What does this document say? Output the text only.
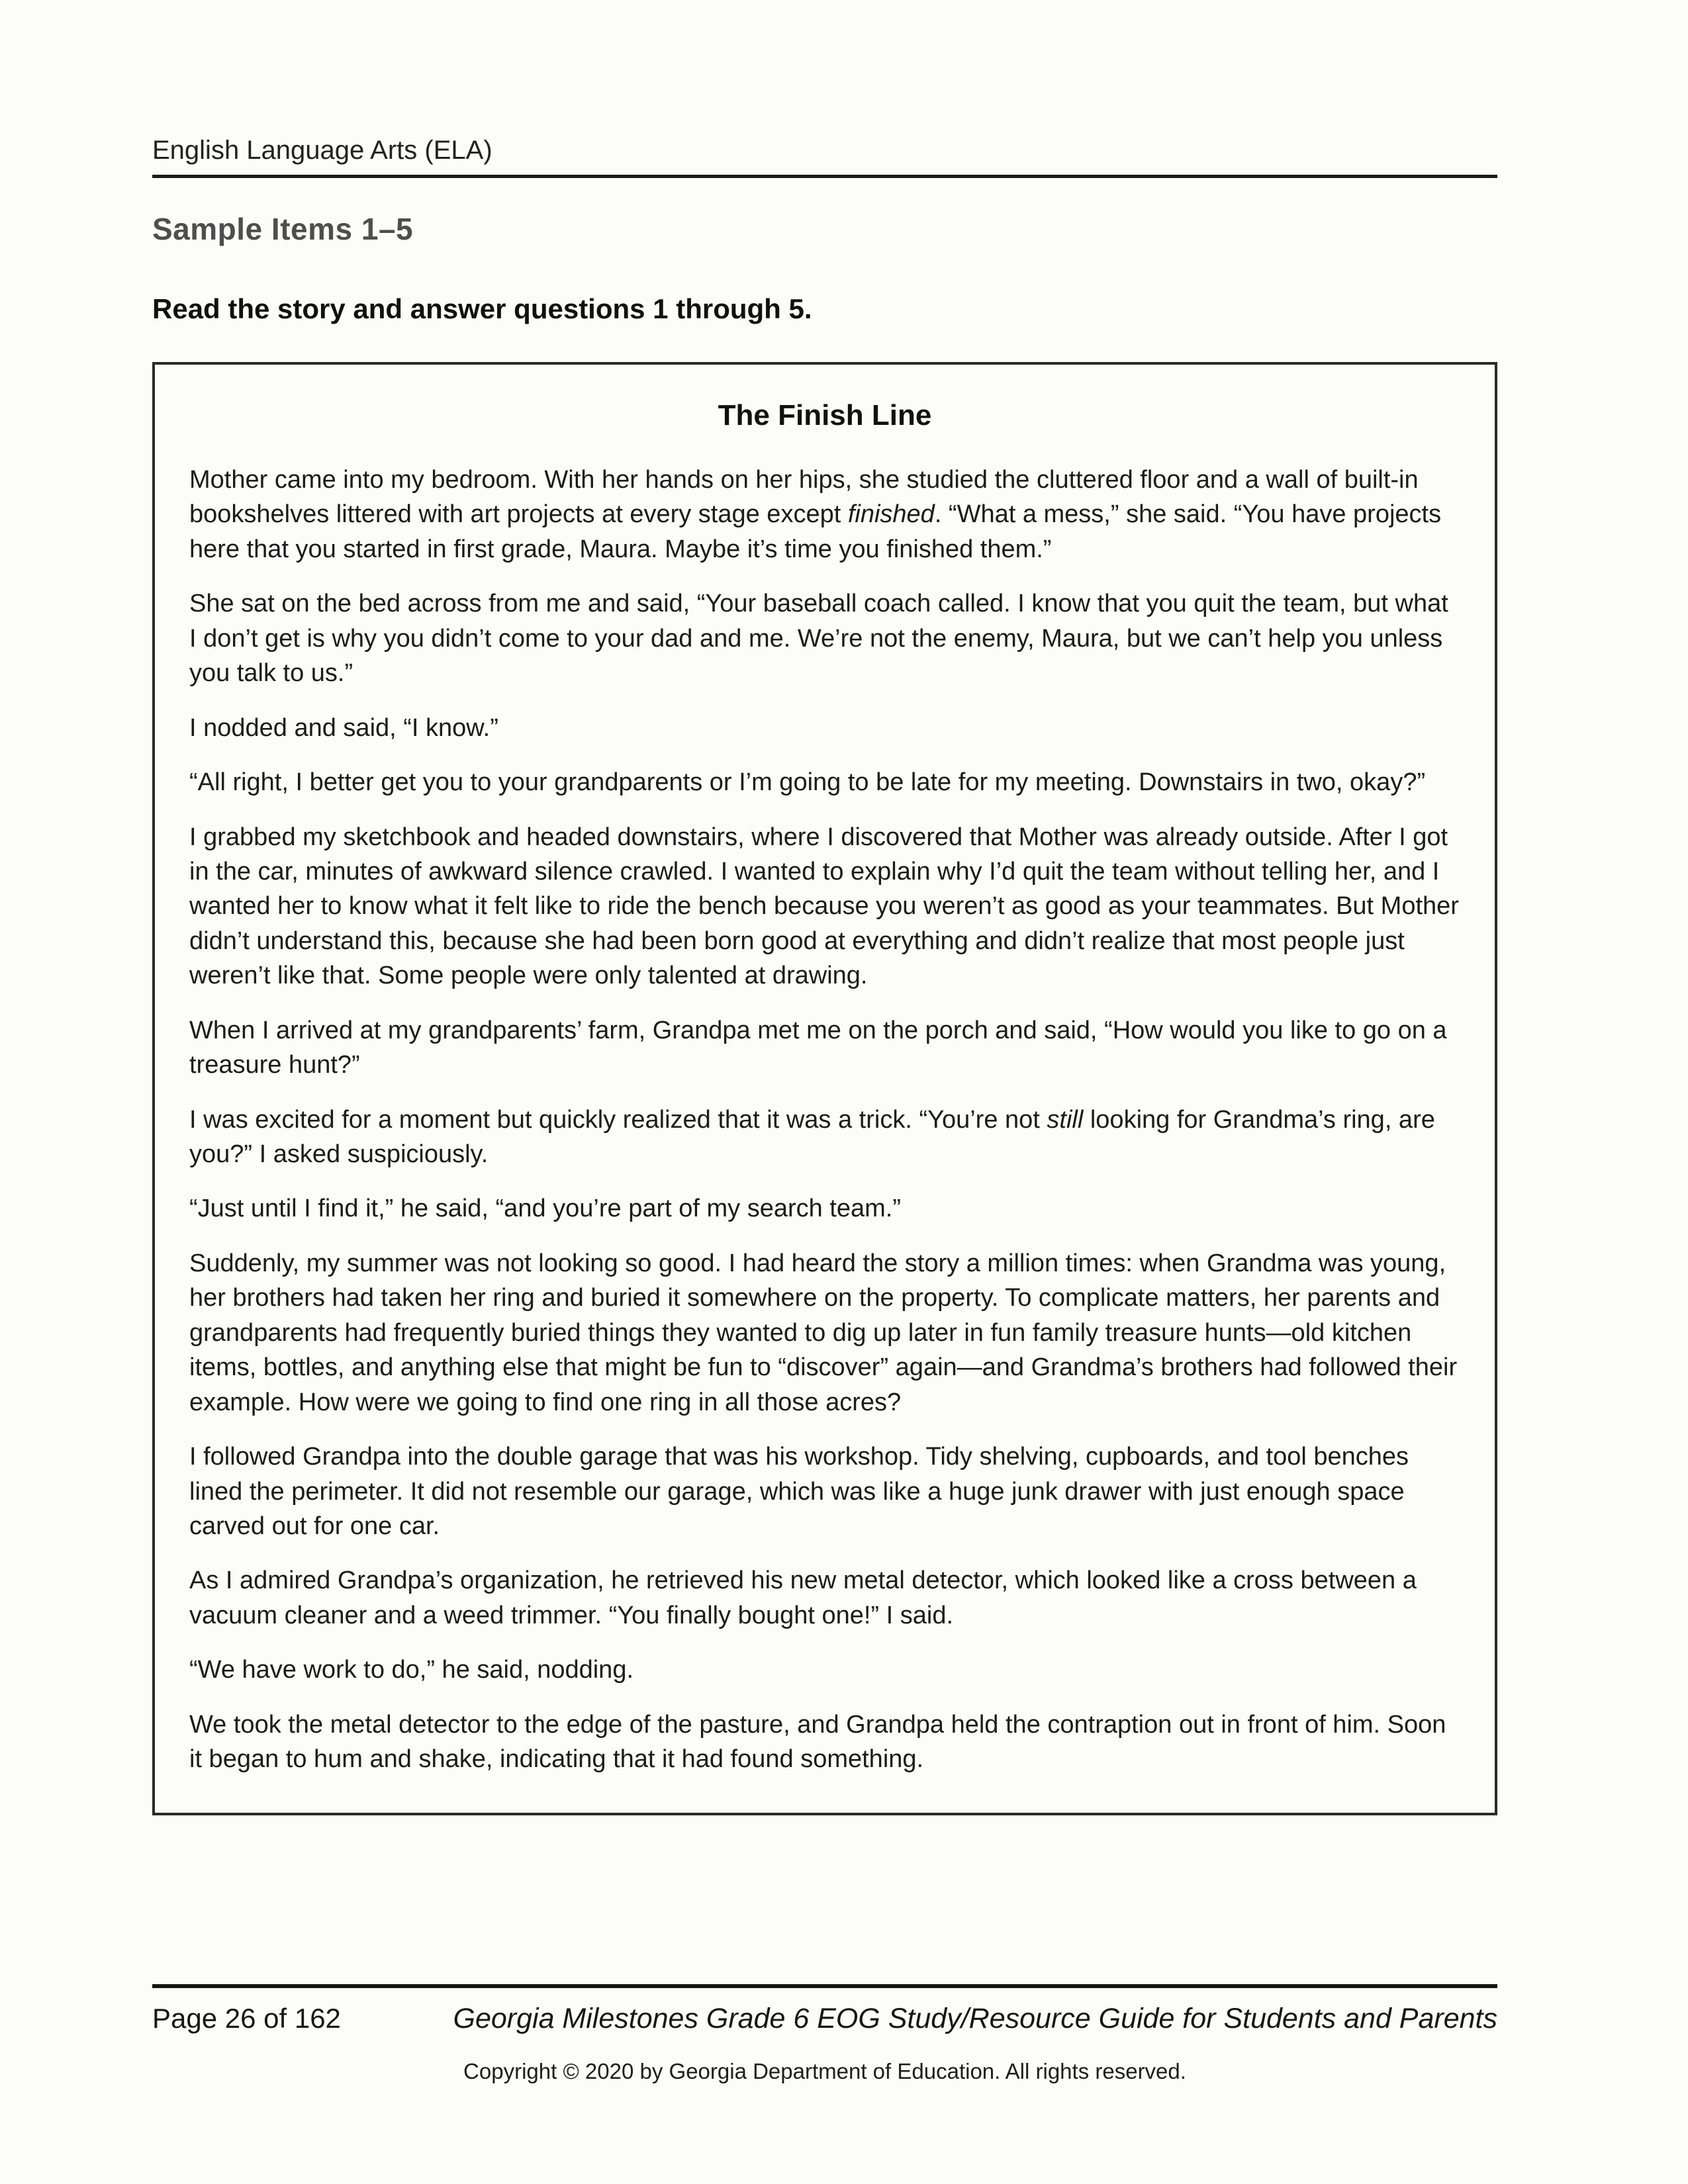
English Language Arts (ELA)
Sample Items 1–5

Read the story and answer questions 1 through 5.

The Finish Line

Mother came into my bedroom. With her hands on her hips, she studied the cluttered floor and a wall of built-in bookshelves littered with art projects at every stage except finished. “What a mess,” she said. “You have projects here that you started in first grade, Maura. Maybe it’s time you finished them.”

She sat on the bed across from me and said, “Your baseball coach called. I know that you quit the team, but what I don’t get is why you didn’t come to your dad and me. We’re not the enemy, Maura, but we can’t help you unless you talk to us.”

I nodded and said, “I know.”

“All right, I better get you to your grandparents or I’m going to be late for my meeting. Downstairs in two, okay?”

I grabbed my sketchbook and headed downstairs, where I discovered that Mother was already outside. After I got in the car, minutes of awkward silence crawled. I wanted to explain why I’d quit the team without telling her, and I wanted her to know what it felt like to ride the bench because you weren’t as good as your teammates. But Mother didn’t understand this, because she had been born good at everything and didn’t realize that most people just weren’t like that. Some people were only talented at drawing.

When I arrived at my grandparents’ farm, Grandpa met me on the porch and said, “How would you like to go on a treasure hunt?”

I was excited for a moment but quickly realized that it was a trick. “You’re not still looking for Grandma’s ring, are you?” I asked suspiciously.

“Just until I find it,” he said, “and you’re part of my search team.”

Suddenly, my summer was not looking so good. I had heard the story a million times: when Grandma was young, her brothers had taken her ring and buried it somewhere on the property. To complicate matters, her parents and grandparents had frequently buried things they wanted to dig up later in fun family treasure hunts—old kitchen items, bottles, and anything else that might be fun to “discover” again—and Grandma’s brothers had followed their example. How were we going to find one ring in all those acres?

I followed Grandpa into the double garage that was his workshop. Tidy shelving, cupboards, and tool benches lined the perimeter. It did not resemble our garage, which was like a huge junk drawer with just enough space carved out for one car.

As I admired Grandpa’s organization, he retrieved his new metal detector, which looked like a cross between a vacuum cleaner and a weed trimmer. “You finally bought one!” I said.

“We have work to do,” he said, nodding.

We took the metal detector to the edge of the pasture, and Grandpa held the contraption out in front of him. Soon it began to hum and shake, indicating that it had found something.

Page 26 of 162	Georgia Milestones Grade 6 EOG Study/Resource Guide for Students and Parents
Copyright © 2020 by Georgia Department of Education. All rights reserved.
